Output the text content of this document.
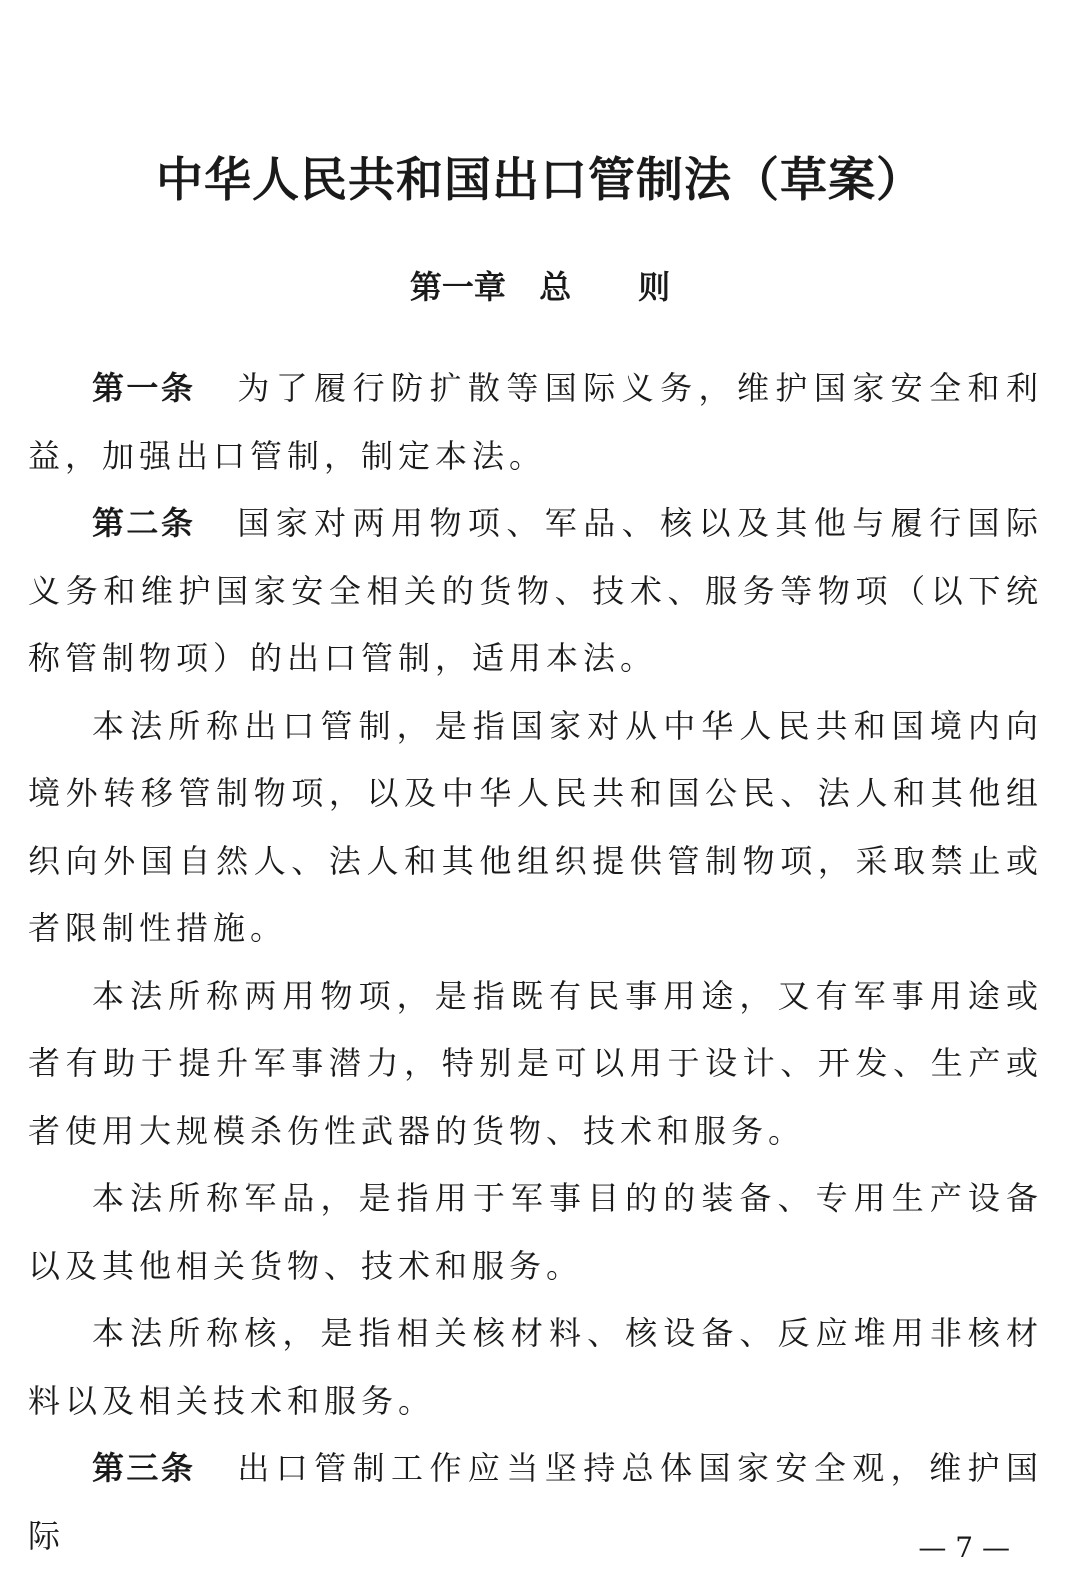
中华人民共和国出口管制法（草案）
第一章   总      则

第一条 为了履行防扩散等国际义务，维护国家安全和利益，加强出口管制，制定本法。

第二条 国家对两用物项、军品、核以及其他与履行国际义务和维护国家安全相关的货物、技术、服务等物项（以下统称管制物项）的出口管制，适用本法。

本法所称出口管制，是指国家对从中华人民共和国境内向境外转移管制物项，以及中华人民共和国公民、法人和其他组织向外国自然人、法人和其他组织提供管制物项，采取禁止或者限制性措施。

本法所称两用物项，是指既有民事用途，又有军事用途或者有助于提升军事潜力，特别是可以用于设计、开发、生产或者使用大规模杀伤性武器的货物、技术和服务。

本法所称军品，是指用于军事目的的装备、专用生产设备以及其他相关货物、技术和服务。

本法所称核，是指相关核材料、核设备、反应堆用非核材料以及相关技术和服务。

第三条 出口管制工作应当坚持总体国家安全观，维护国际	— 7 —
